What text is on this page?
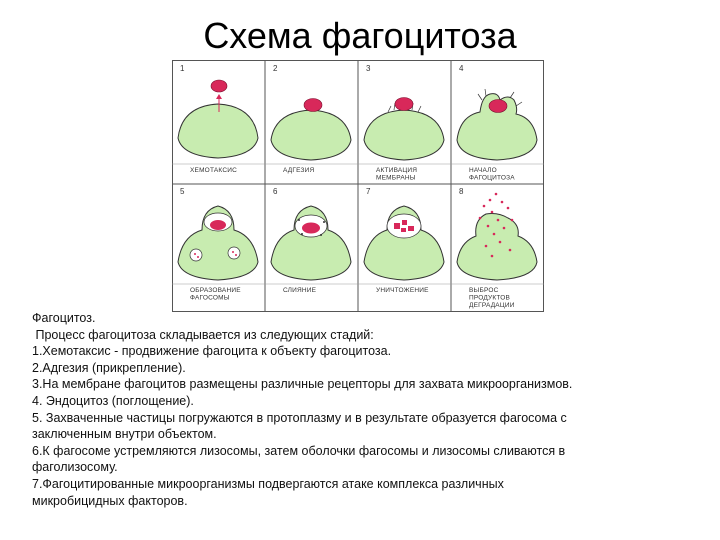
Схема фагоцитоза
1
ХЕМОТАКСИС
2
АДГЕЗИЯ
3
АКТИВАЦИЯ
МЕМБРАНЫ
4
НАЧАЛО
ФАГОЦИТОЗА
5
ОБРАЗОВАНИЕ
ФАГОСОМЫ
6
СЛИЯНИЕ
7
УНИЧТОЖЕНИЕ
8
ВЫБРОС
ПРОДУКТОВ
ДЕГРАДАЦИИ

Фагоцитоз.

Процесс фагоцитоза складывается из следующих стадий:

1.Хемотаксис - продвижение фагоцита к объекту фагоцитоза.

2.Адгезия (прикрепление).

3.На мембране фагоцитов размещены различные рецепторы для захвата микроорганизмов.

4. Эндоцитоз (поглощение).

5. Захваченные частицы погружаются в протоплазму и в результате образуется фагосома с

заключенным внутри объектом.

6.К фагосоме устремляются лизосомы, затем оболочки фагосомы и лизосомы сливаются в

фаголизосому.

7.Фагоцитированные микроорганизмы подвергаются атаке комплекса различных

микробицидных факторов.
